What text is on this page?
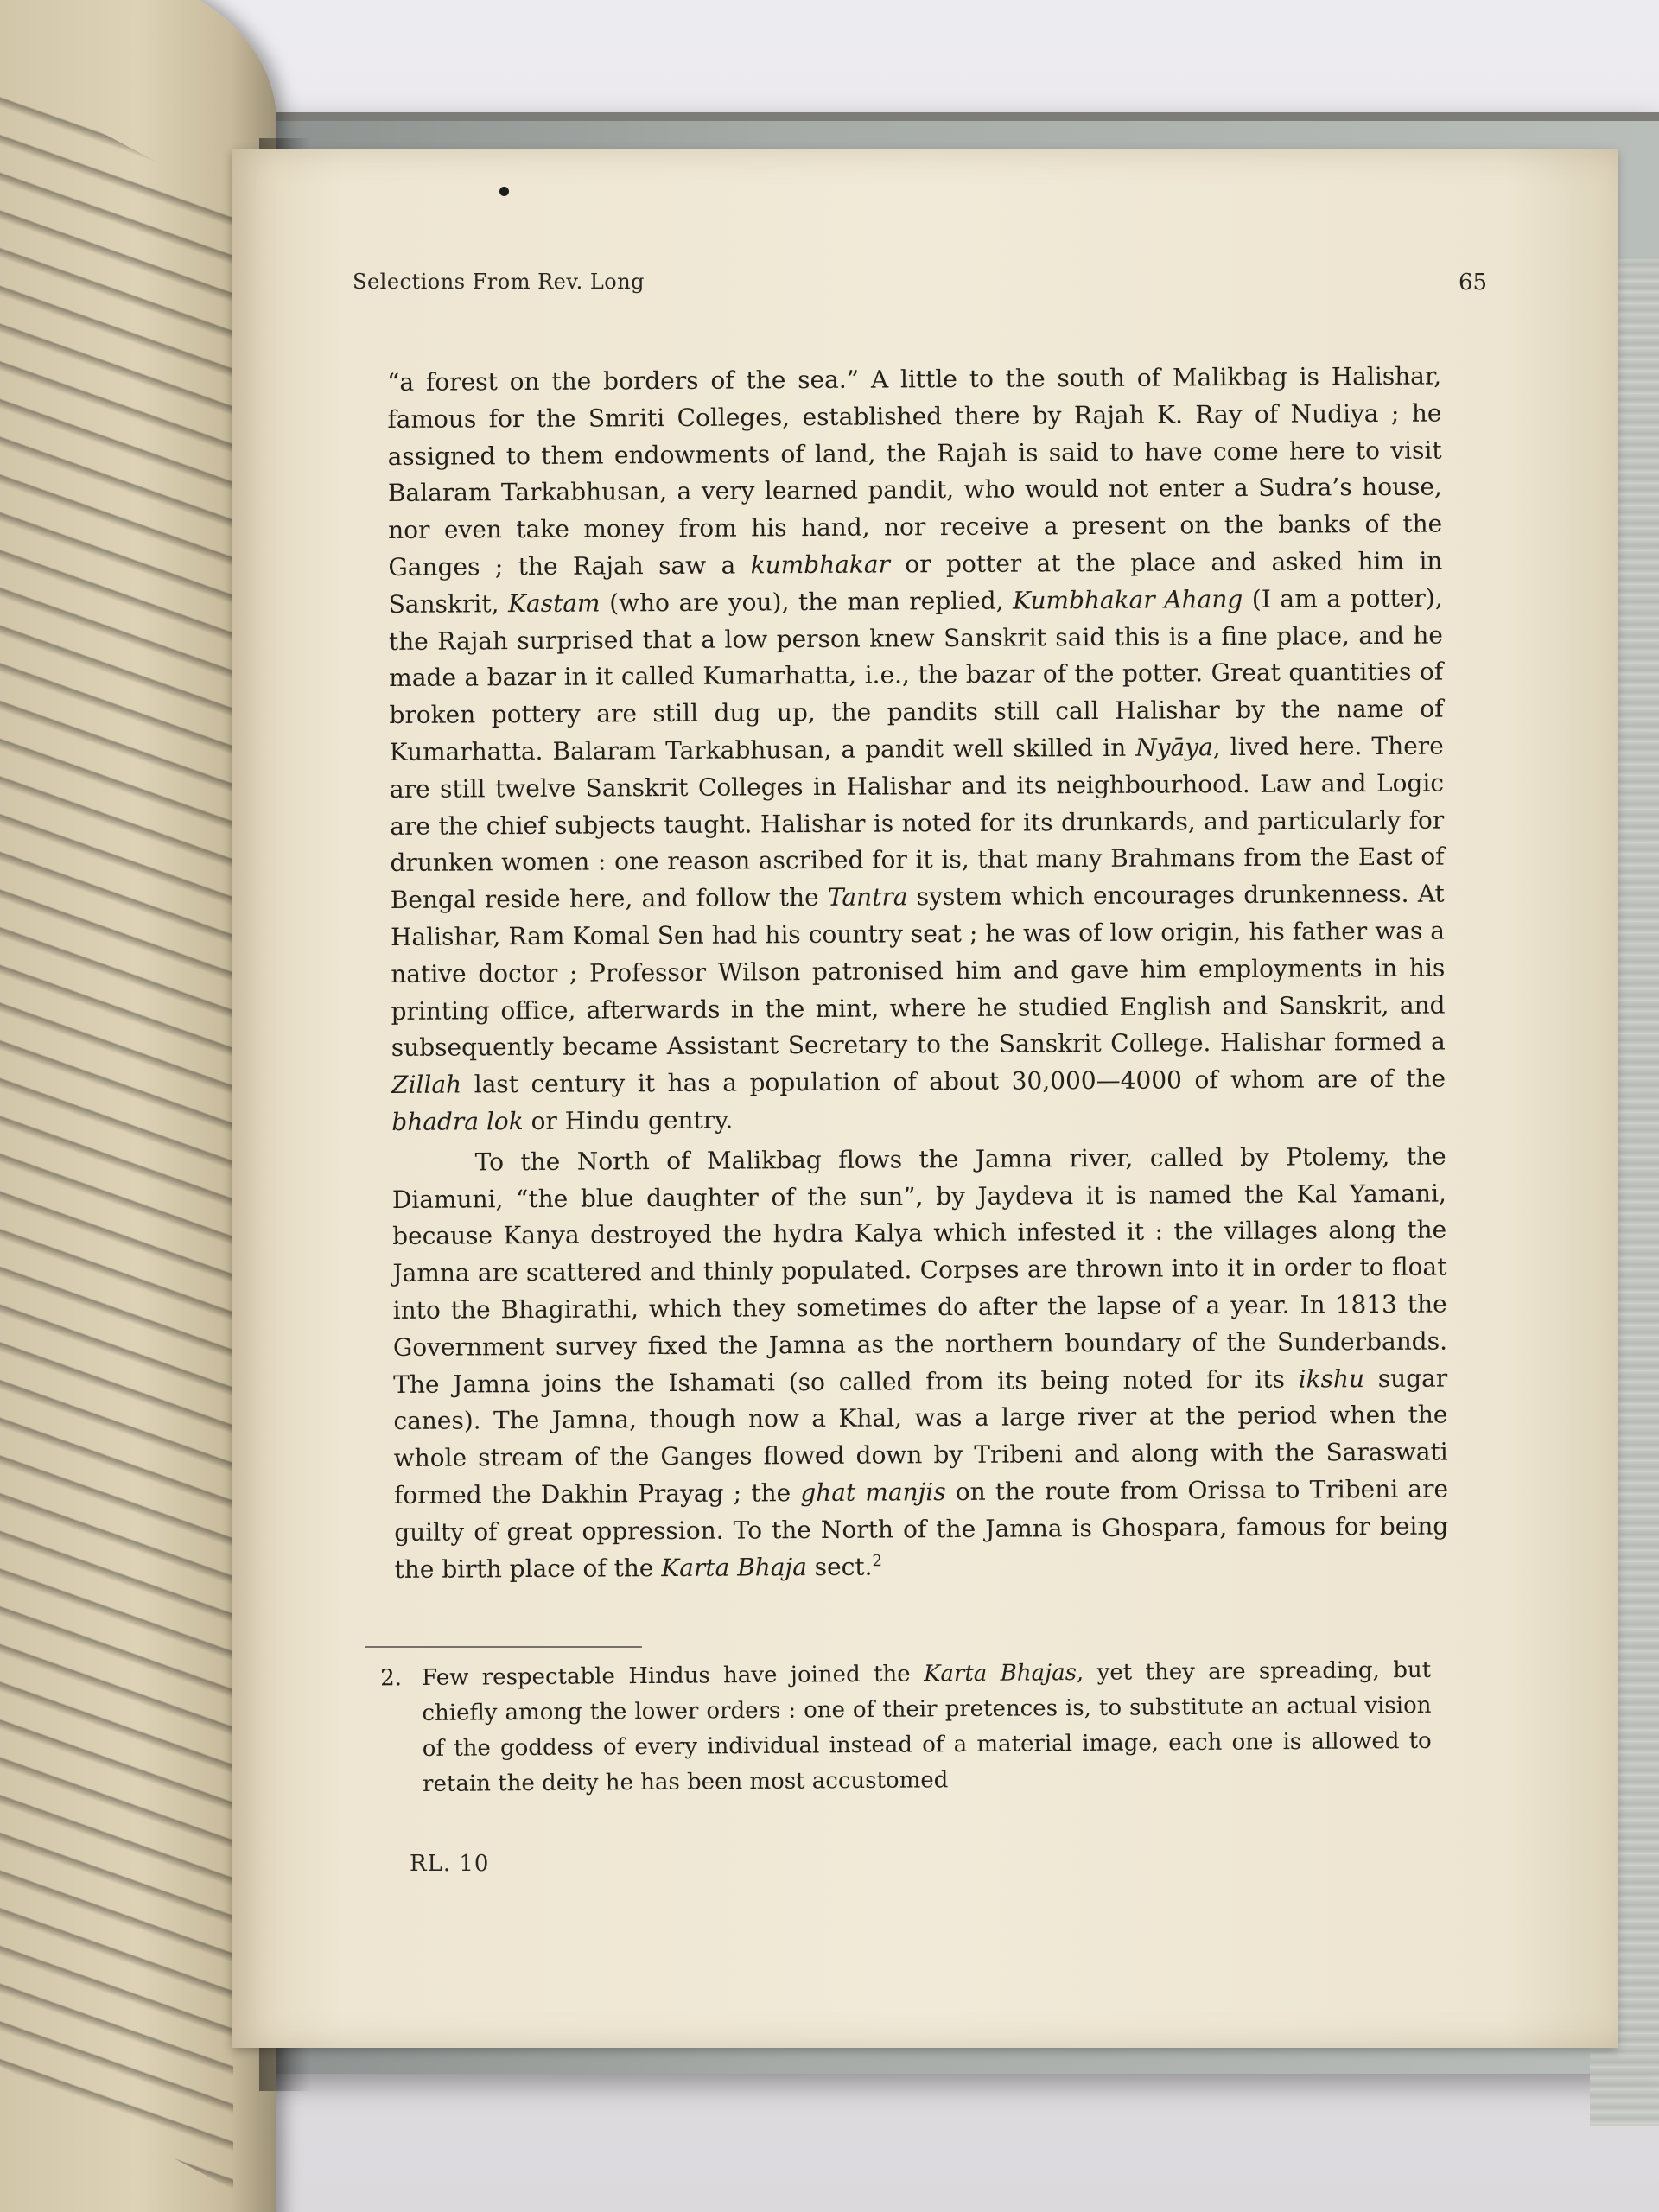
Selections From Rev. Long	65

“a forest on the borders of the sea.” A little to the south of Malikbag is Halishar, famous for the Smriti Colleges, established there by Rajah K. Ray of Nudiya ; he assigned to them endowments of land, the Rajah is said to have come here to visit Balaram Tarkabhusan, a very learned pandit, who would not enter a Sudra’s house, nor even take money from his hand, nor receive a present on the banks of the Ganges ; the Rajah saw a kumbhakar or potter at the place and asked him in Sanskrit, Kastam (who are you), the man replied, Kumbhakar Ahang (I am a potter), the Rajah surprised that a low person knew Sanskrit said this is a fine place, and he made a bazar in it called Kumarhatta, i.e., the bazar of the potter. Great quantities of broken pottery are still dug up, the pandits still call Halishar by the name of Kumarhatta. Balaram Tarkabhusan, a pandit well skilled in Nyāya, lived here. There are still twelve Sanskrit Colleges in Halishar and its neighbourhood. Law and Logic are the chief subjects taught. Halishar is noted for its drunkards, and particularly for drunken women : one reason ascribed for it is, that many Brahmans from the East of Bengal reside here, and follow the Tantra system which encourages drunkenness. At Halishar, Ram Komal Sen had his country seat ; he was of low origin, his father was a native doctor ; Professor Wilson patronised him and gave him employments in his printing office, afterwards in the mint, where he studied English and Sanskrit, and subsequently became Assistant Secretary to the Sanskrit College. Halishar formed a Zillah last century it has a population of about 30,000—4000 of whom are of the bhadra lok or Hindu gentry.

To the North of Malikbag flows the Jamna river, called by Ptolemy, the Diamuni, “the blue daughter of the sun”, by Jaydeva it is named the Kal Yamani, because Kanya destroyed the hydra Kalya which infested it : the villages along the Jamna are scattered and thinly populated. Corpses are thrown into it in order to float into the Bhagirathi, which they sometimes do after the lapse of a year. In 1813 the Government survey fixed the Jamna as the northern boundary of the Sunderbands. The Jamna joins the Ishamati (so called from its being noted for its ikshu sugar canes). The Jamna, though now a Khal, was a large river at the period when the whole stream of the Ganges flowed down by Tribeni and along with the Saraswati formed the Dakhin Prayag ; the ghat manjis on the route from Orissa to Tribeni are guilty of great oppression. To the North of the Jamna is Ghospara, famous for being the birth place of the Karta Bhaja sect.$^2$

2. Few respectable Hindus have joined the Karta Bhajas, yet they are spreading, but chiefly among the lower orders : one of their pretences is, to substitute an actual vision of the goddess of every individual instead of a material image, each one is allowed to retain the deity he has been most accustomed
RL. 10
